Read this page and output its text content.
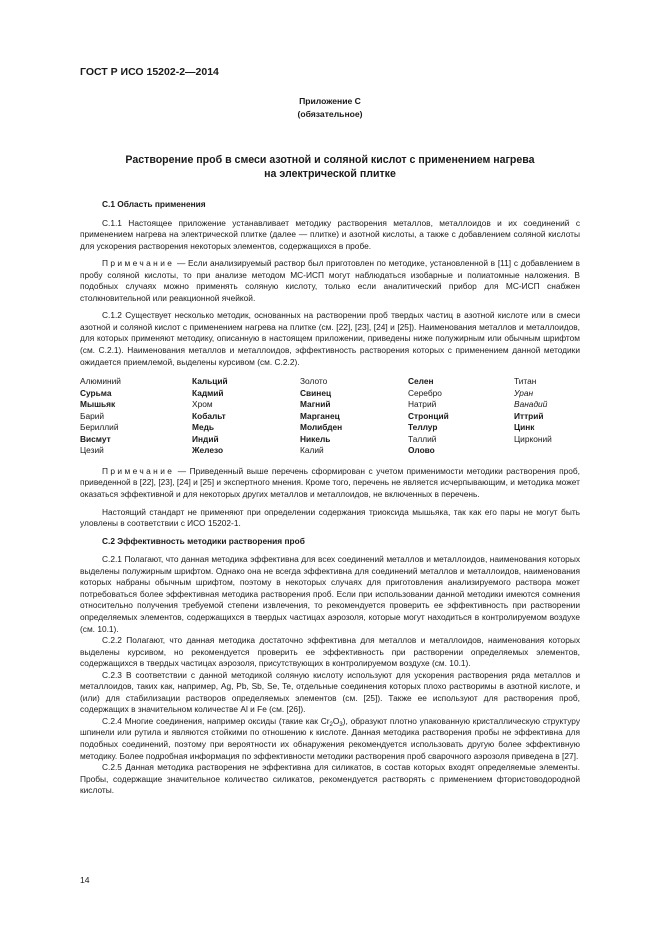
ГОСТ Р ИСО 15202-2—2014
Приложение С
(обязательное)
Растворение проб в смеси азотной и соляной кислот с применением нагрева
на электрической плитке

С.1 Область применения

С.1.1 Настоящее приложение устанавливает методику растворения металлов, металлоидов и их соединений с применением нагрева на электрической плитке (далее — плитке) и азотной кислоты, а также с добавлением соляной кислоты для ускорения растворения некоторых элементов, содержащихся в пробе.

Примечание — Если анализируемый раствор был приготовлен по методике, установленной в [11] с добавлением в пробу соляной кислоты, то при анализе методом МС-ИСП могут наблюдаться изобарные и полиатомные наложения. В подобных случаях можно применять соляную кислоту, только если аналитический прибор для МС-ИСП снабжен столкновительной или реакционной ячейкой.

С.1.2 Существует несколько методик, основанных на растворении проб твердых частиц в азотной кислоте или в смеси азотной и соляной кислот с применением нагрева на плитке (см. [22], [23], [24] и [25]). Наименования металлов и металлоидов, для которых применяют методику, описанную в настоящем приложении, приведены ниже полужирным или обычным шрифтом (см. С.2.1). Наименования металлов и металлоидов, эффективность растворения которых с применением данной методики ожидается приемлемой, выделены курсивом (см. С.2.2).

Алюминий
Сурьма
Мышьяк
Барий
Бериллий
Висмут
Цезий
Кальций
Кадмий
Хром
Кобальт
Медь
Индий
Железо
Золото
Свинец
Магний
Марганец
Молибден
Никель
Калий
Селен
Серебро
Натрий
Стронций
Теллур
Таллий
Олово
Титан
Уран
Ванадий
Иттрий
Цинк
Цирконий

Примечание — Приведенный выше перечень сформирован с учетом применимости методики растворения проб, приведенной в [22], [23], [24] и [25] и экспертного мнения. Кроме того, перечень не является исчерпывающим, и методика может оказаться эффективной и для некоторых других металлов и металлоидов, не включенных в перечень.

Настоящий стандарт не применяют при определении содержания триоксида мышьяка, так как его пары не могут быть уловлены в соответствии с ИСО 15202-1.

С.2 Эффективность методики растворения проб

С.2.1 Полагают, что данная методика эффективна для всех соединений металлов и металлоидов, наименования которых выделены полужирным шрифтом. Однако она не всегда эффективна для соединений металлов и металлоидов, наименования которых набраны обычным шрифтом, поэтому в некоторых случаях для приготовления анализируемого раствора может потребоваться более эффективная методика растворения проб. Если при использовании данной методики имеются сомнения относительно получения требуемой степени извлечения, то рекомендуется проверить ее эффективность при растворении определяемых элементов, содержащихся в твердых частицах аэрозоля, которые могут находиться в контролируемом воздухе (см. 10.1).

С.2.2 Полагают, что данная методика достаточно эффективна для металлов и металлоидов, наименования которых выделены курсивом, но рекомендуется проверить ее эффективность при растворении определяемых элементов, содержащихся в твердых частицах аэрозоля, присутствующих в контролируемом воздухе (см. 10.1).

С.2.3 В соответствии с данной методикой соляную кислоту используют для ускорения растворения ряда металлов и металлоидов, таких как, например, Ag, Pb, Sb, Se, Te, отдельные соединения которых плохо растворимы в азотной кислоте, и (или) для стабилизации растворов определяемых элементов (см. [25]). Также ее используют для растворения проб, содержащих в значительном количестве Al и Fe (см. [26]).

С.2.4 Многие соединения, например оксиды (такие как $Cr_2O_3$), образуют плотно упакованную кристаллическую структуру шпинели или рутила и являются стойкими по отношению к кислоте. Данная методика растворения пробы не эффективна для подобных соединений, поэтому при вероятности их обнаружения рекомендуется использовать другую более эффективную методику. Более подробная информация по эффективности методики растворения проб сварочного аэрозоля приведена в [27].

С.2.5 Данная методика растворения не эффективна для силикатов, в состав которых входят определяемые элементы. Пробы, содержащие значительное количество силикатов, рекомендуется растворять с применением фтористоводородной кислоты.

14
